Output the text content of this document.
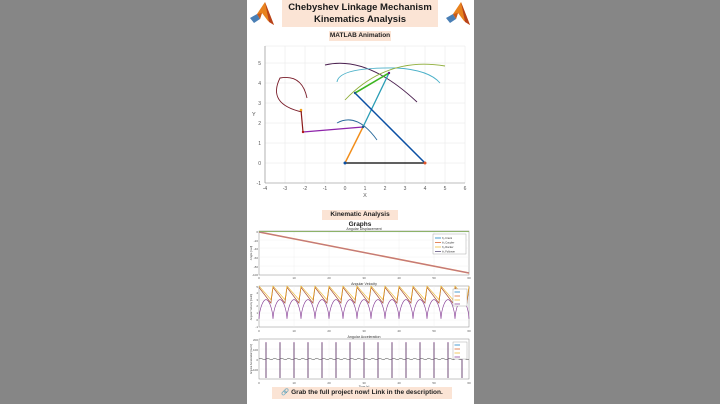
Chebyshev Linkage Mechanism
Kinematics Analysis
MATLAB Animation
-1
0
1
2
3
4
5
Y
-4	-3	-2	-1	0	1	2	3	4	5	6
X
Kinematic Analysis Graphs
Angular Displacement
Angle [rad]
0
-20
-40
-60
-80
-100
0	10	20	30	40	50	60
θ₂ Crank
θ₃ Coupler
θ₄ Rocker
θ₅ Follower
Angular Velocity
Angular Velocity [rad/s]
5
4
3
2
1
0
-1
0	10	20	30	40	50	60
Angular Acceleration
Angular Acceleration [rad/s²]
200
100
0
-100
0	10	20	30	40	50	60
🔗 Grab the full project now! Link in the description.
